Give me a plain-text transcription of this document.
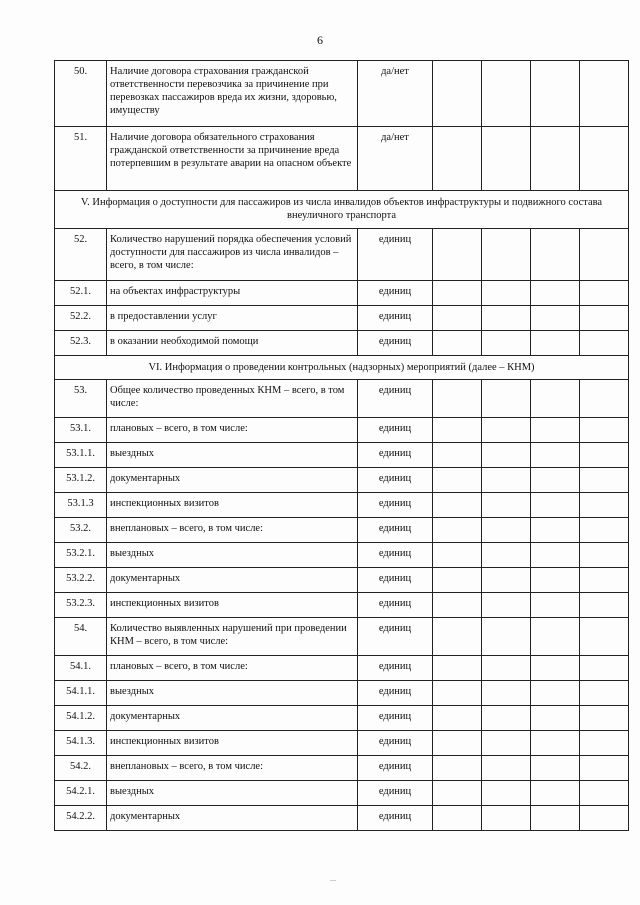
6
50.	Наличие договора страхования гражданской ответственности перевозчика за причинение при перевозках пассажиров вреда их жизни, здоровью, имуществу	да/нет				
51.	Наличие договора обязательного страхования гражданской ответственности за причинение вреда потерпевшим в результате аварии на опасном объекте	да/нет				
V. Информация о доступности для пассажиров из числа инвалидов объектов инфраструктуры и подвижного состава внеуличного транспорта						
52.	Количество нарушений порядка обеспечения условий доступности для пассажиров из числа инвалидов – всего, в том числе:	единиц				
52.1.	на объектах инфраструктуры	единиц				
52.2.	в предоставлении услуг	единиц				
52.3.	в оказании необходимой помощи	единиц				
VI. Информация о проведении контрольных (надзорных) мероприятий (далее – КНМ)						
53.	Общее количество проведенных КНМ – всего, в том числе:	единиц				
53.1.	плановых – всего, в том числе:	единиц				
53.1.1.	выездных	единиц				
53.1.2.	документарных	единиц				
53.1.3	инспекционных визитов	единиц				
53.2.	внеплановых – всего, в том числе:	единиц				
53.2.1.	выездных	единиц				
53.2.2.	документарных	единиц				
53.2.3.	инспекционных визитов	единиц				
54.	Количество выявленных нарушений при проведении КНМ – всего, в том числе:	единиц				
54.1.	плановых – всего, в том числе:	единиц				
54.1.1.	выездных	единиц				
54.1.2.	документарных	единиц				
54.1.3.	инспекционных визитов	единиц				
54.2.	внеплановых – всего, в том числе:	единиц				
54.2.1.	выездных	единиц				
54.2.2.	документарных	единиц				
